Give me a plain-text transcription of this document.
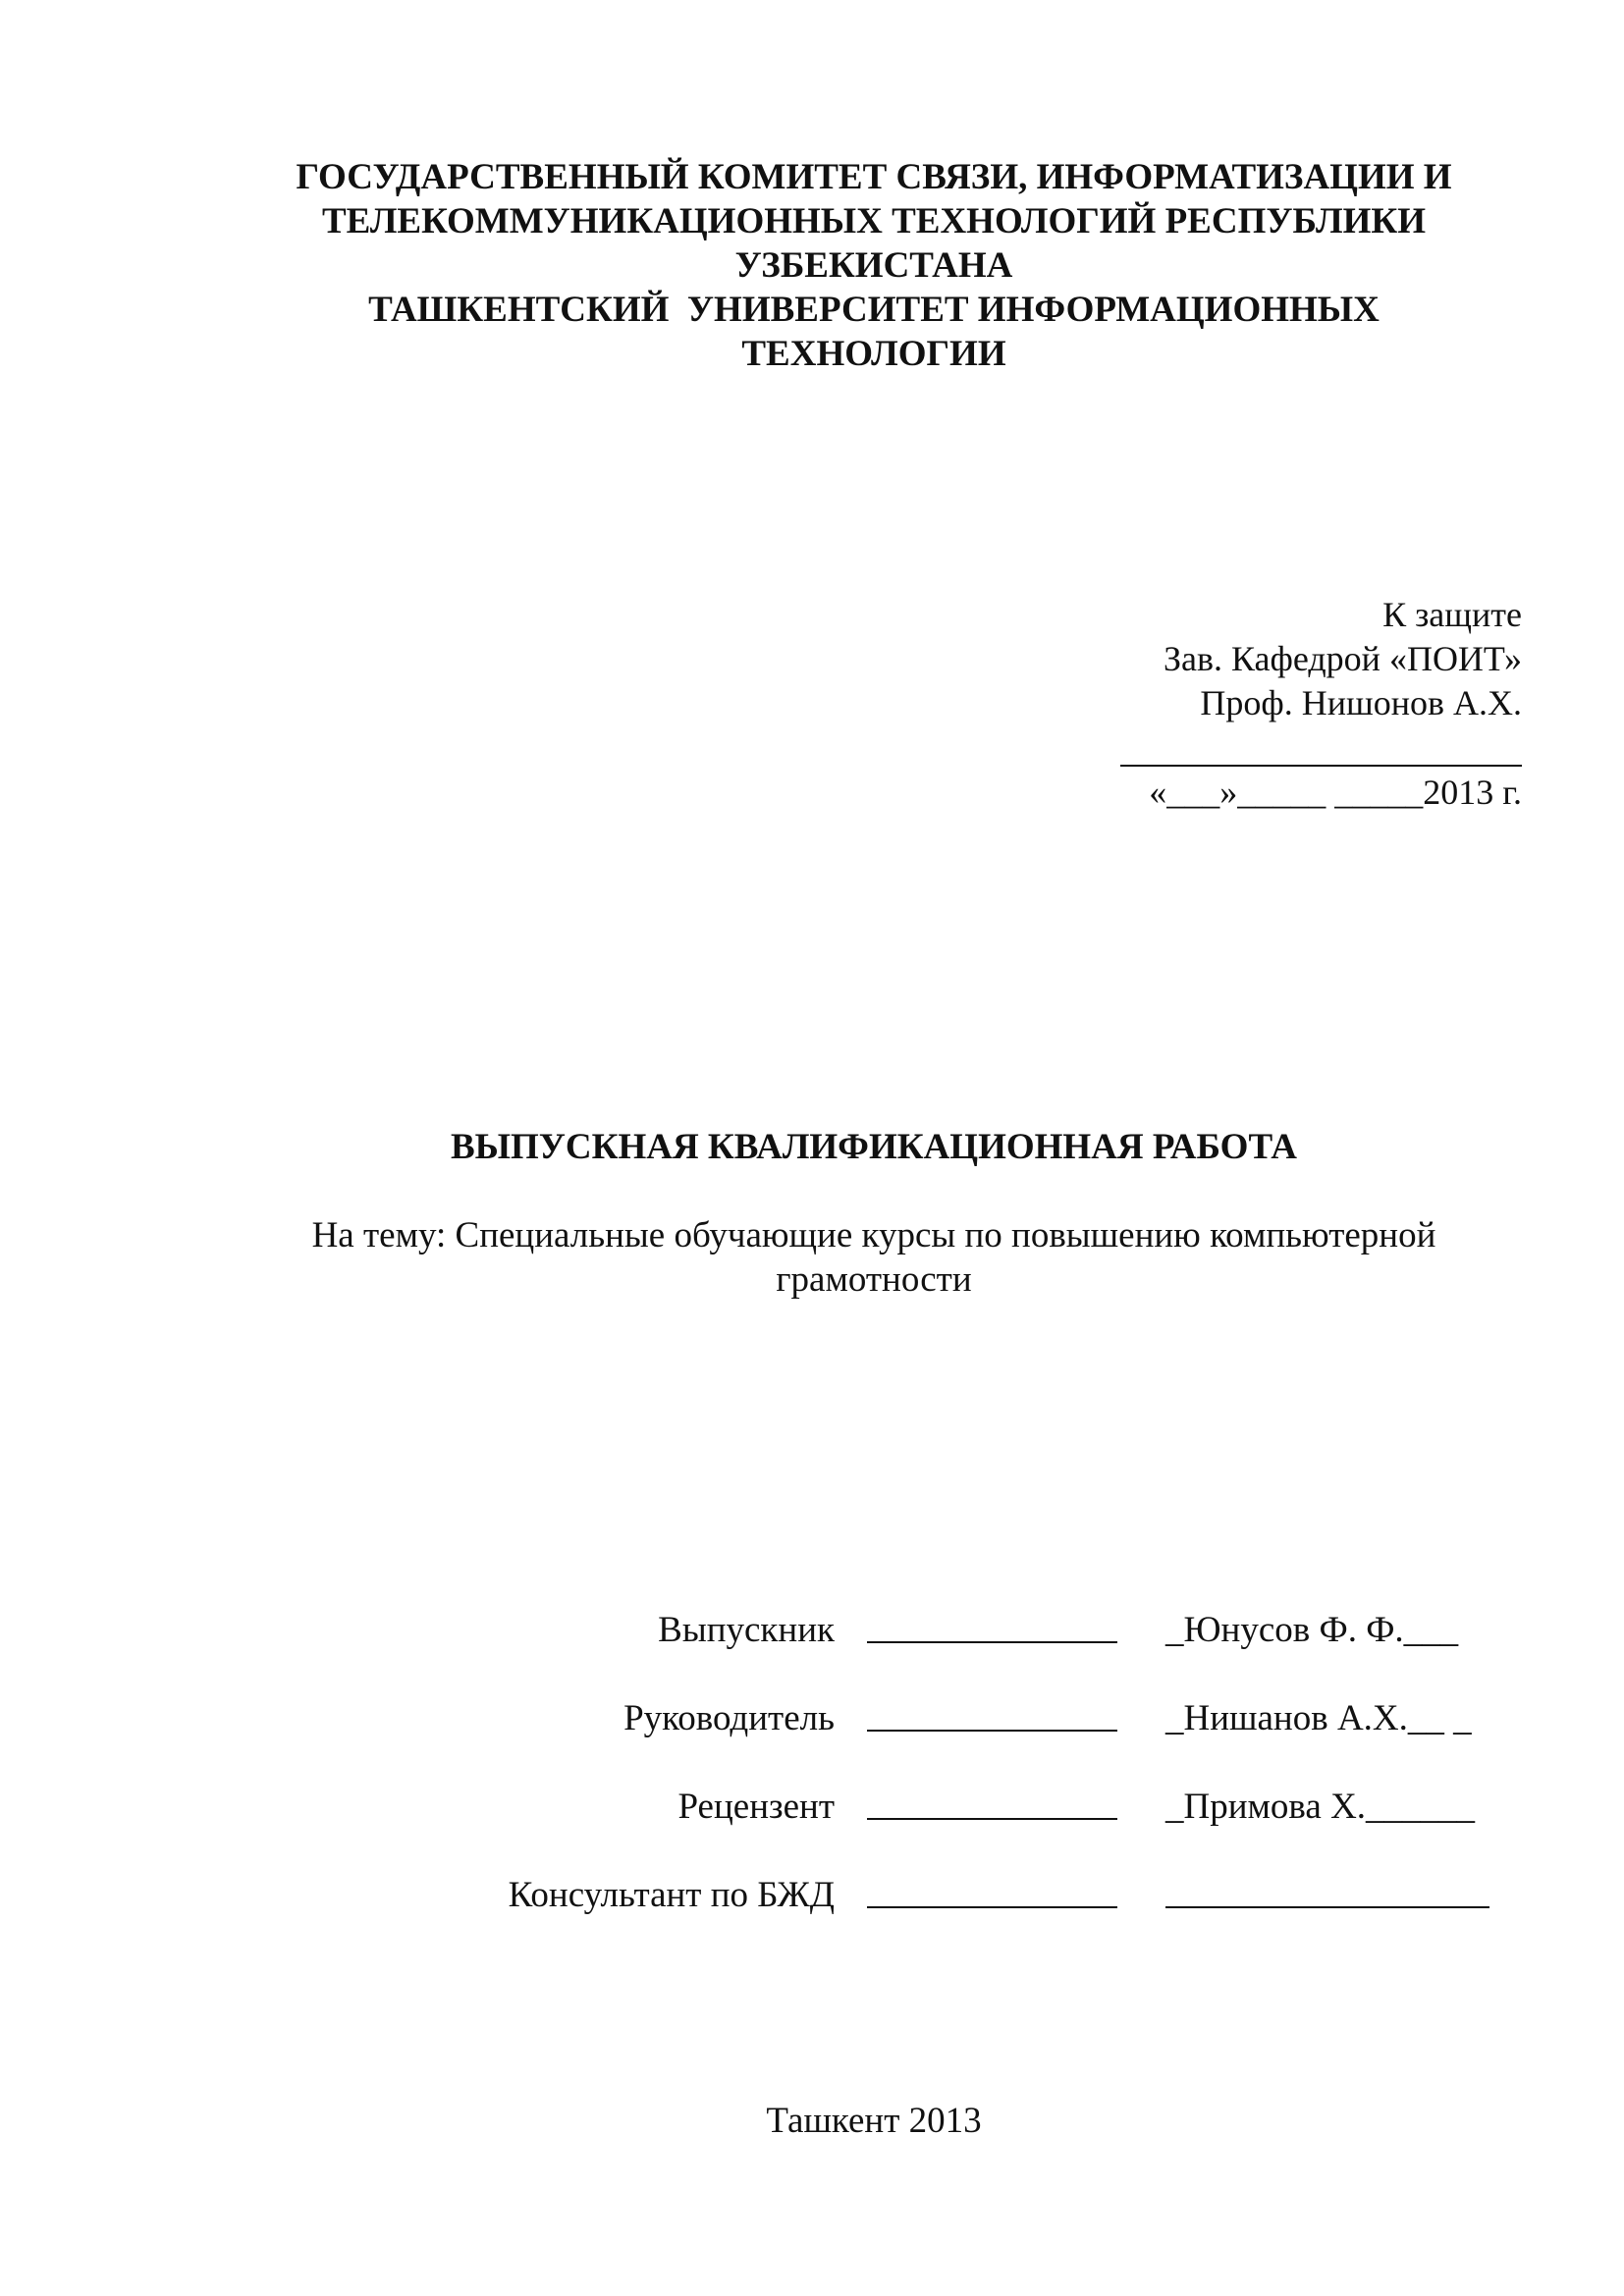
ГОСУДАРСТВЕННЫЙ КОМИТЕТ СВЯЗИ, ИНФОРМАТИЗАЦИИ И
ТЕЛЕКОММУНИКАЦИОННЫХ ТЕХНОЛОГИЙ РЕСПУБЛИКИ
УЗБЕКИСТАНА
ТАШКЕНТСКИЙ  УНИВЕРСИТЕТ ИНФОРМАЦИОННЫХ
ТЕХНОЛОГИИ
К защите
Зав. Кафедрой «ПОИТ»
Проф. Нишонов А.Х.
«___»_____ _____2013 г.
ВЫПУСКНАЯ КВАЛИФИКАЦИОННАЯ РАБОТА
На тему: Специальные обучающие курсы по повышению компьютерной
грамотности
Выпускник	_Юнусов Ф. Ф.___
Руководитель	_Нишанов А.Х.__ _
Рецензент	_Примова Х.______
Консультант по БЖД
Ташкент 2013
